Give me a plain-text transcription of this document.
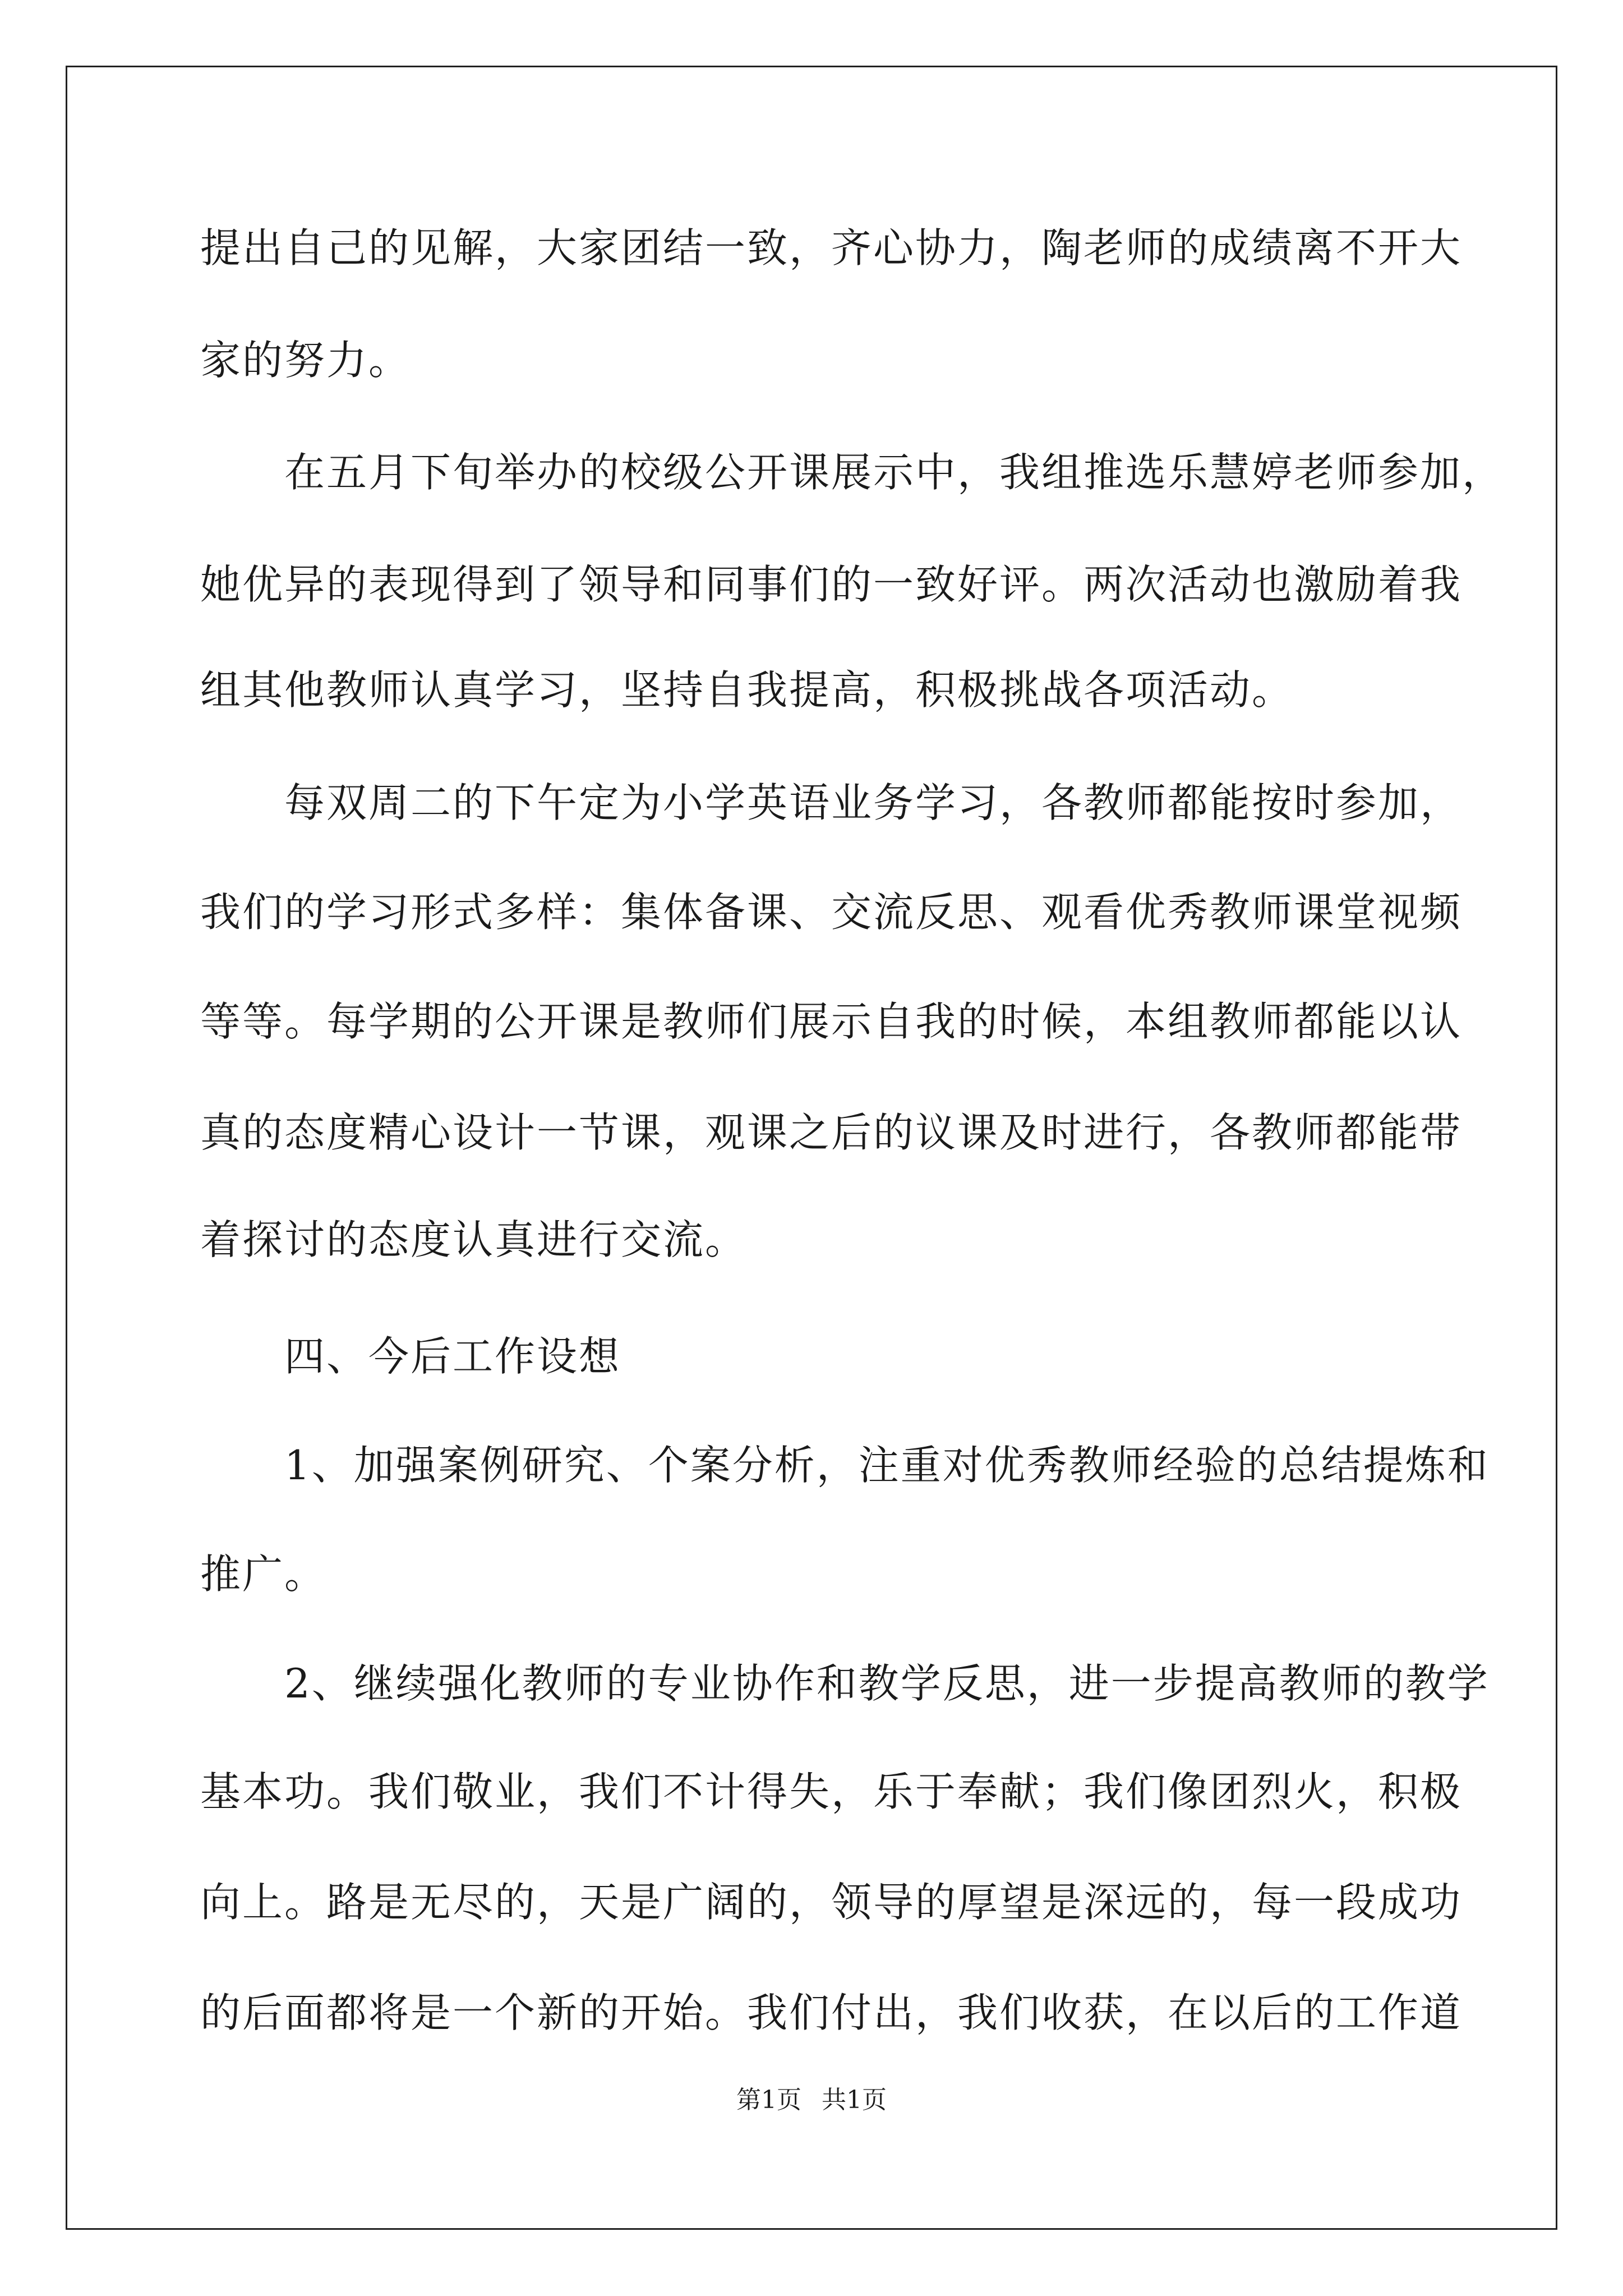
提出自己的见解，大家团结一致，齐心协力，陶老师的成绩离不开大
家的努力。
　　在五月下旬举办的校级公开课展示中，我组推选乐慧婷老师参加，
她优异的表现得到了领导和同事们的一致好评。两次活动也激励着我
组其他教师认真学习，坚持自我提高，积极挑战各项活动。
　　每双周二的下午定为小学英语业务学习，各教师都能按时参加，
我们的学习形式多样：集体备课、交流反思、观看优秀教师课堂视频
等等。每学期的公开课是教师们展示自我的时候，本组教师都能以认
真的态度精心设计一节课，观课之后的议课及时进行，各教师都能带
着探讨的态度认真进行交流。
　　四、今后工作设想
　　1、加强案例研究、个案分析，注重对优秀教师经验的总结提炼和
推广。
　　2、继续强化教师的专业协作和教学反思，进一步提高教师的教学
基本功。我们敬业，我们不计得失，乐于奉献；我们像团烈火，积极
向上。路是无尽的，天是广阔的，领导的厚望是深远的，每一段成功
的后面都将是一个新的开始。我们付出，我们收获，在以后的工作道
第1页 共1页
